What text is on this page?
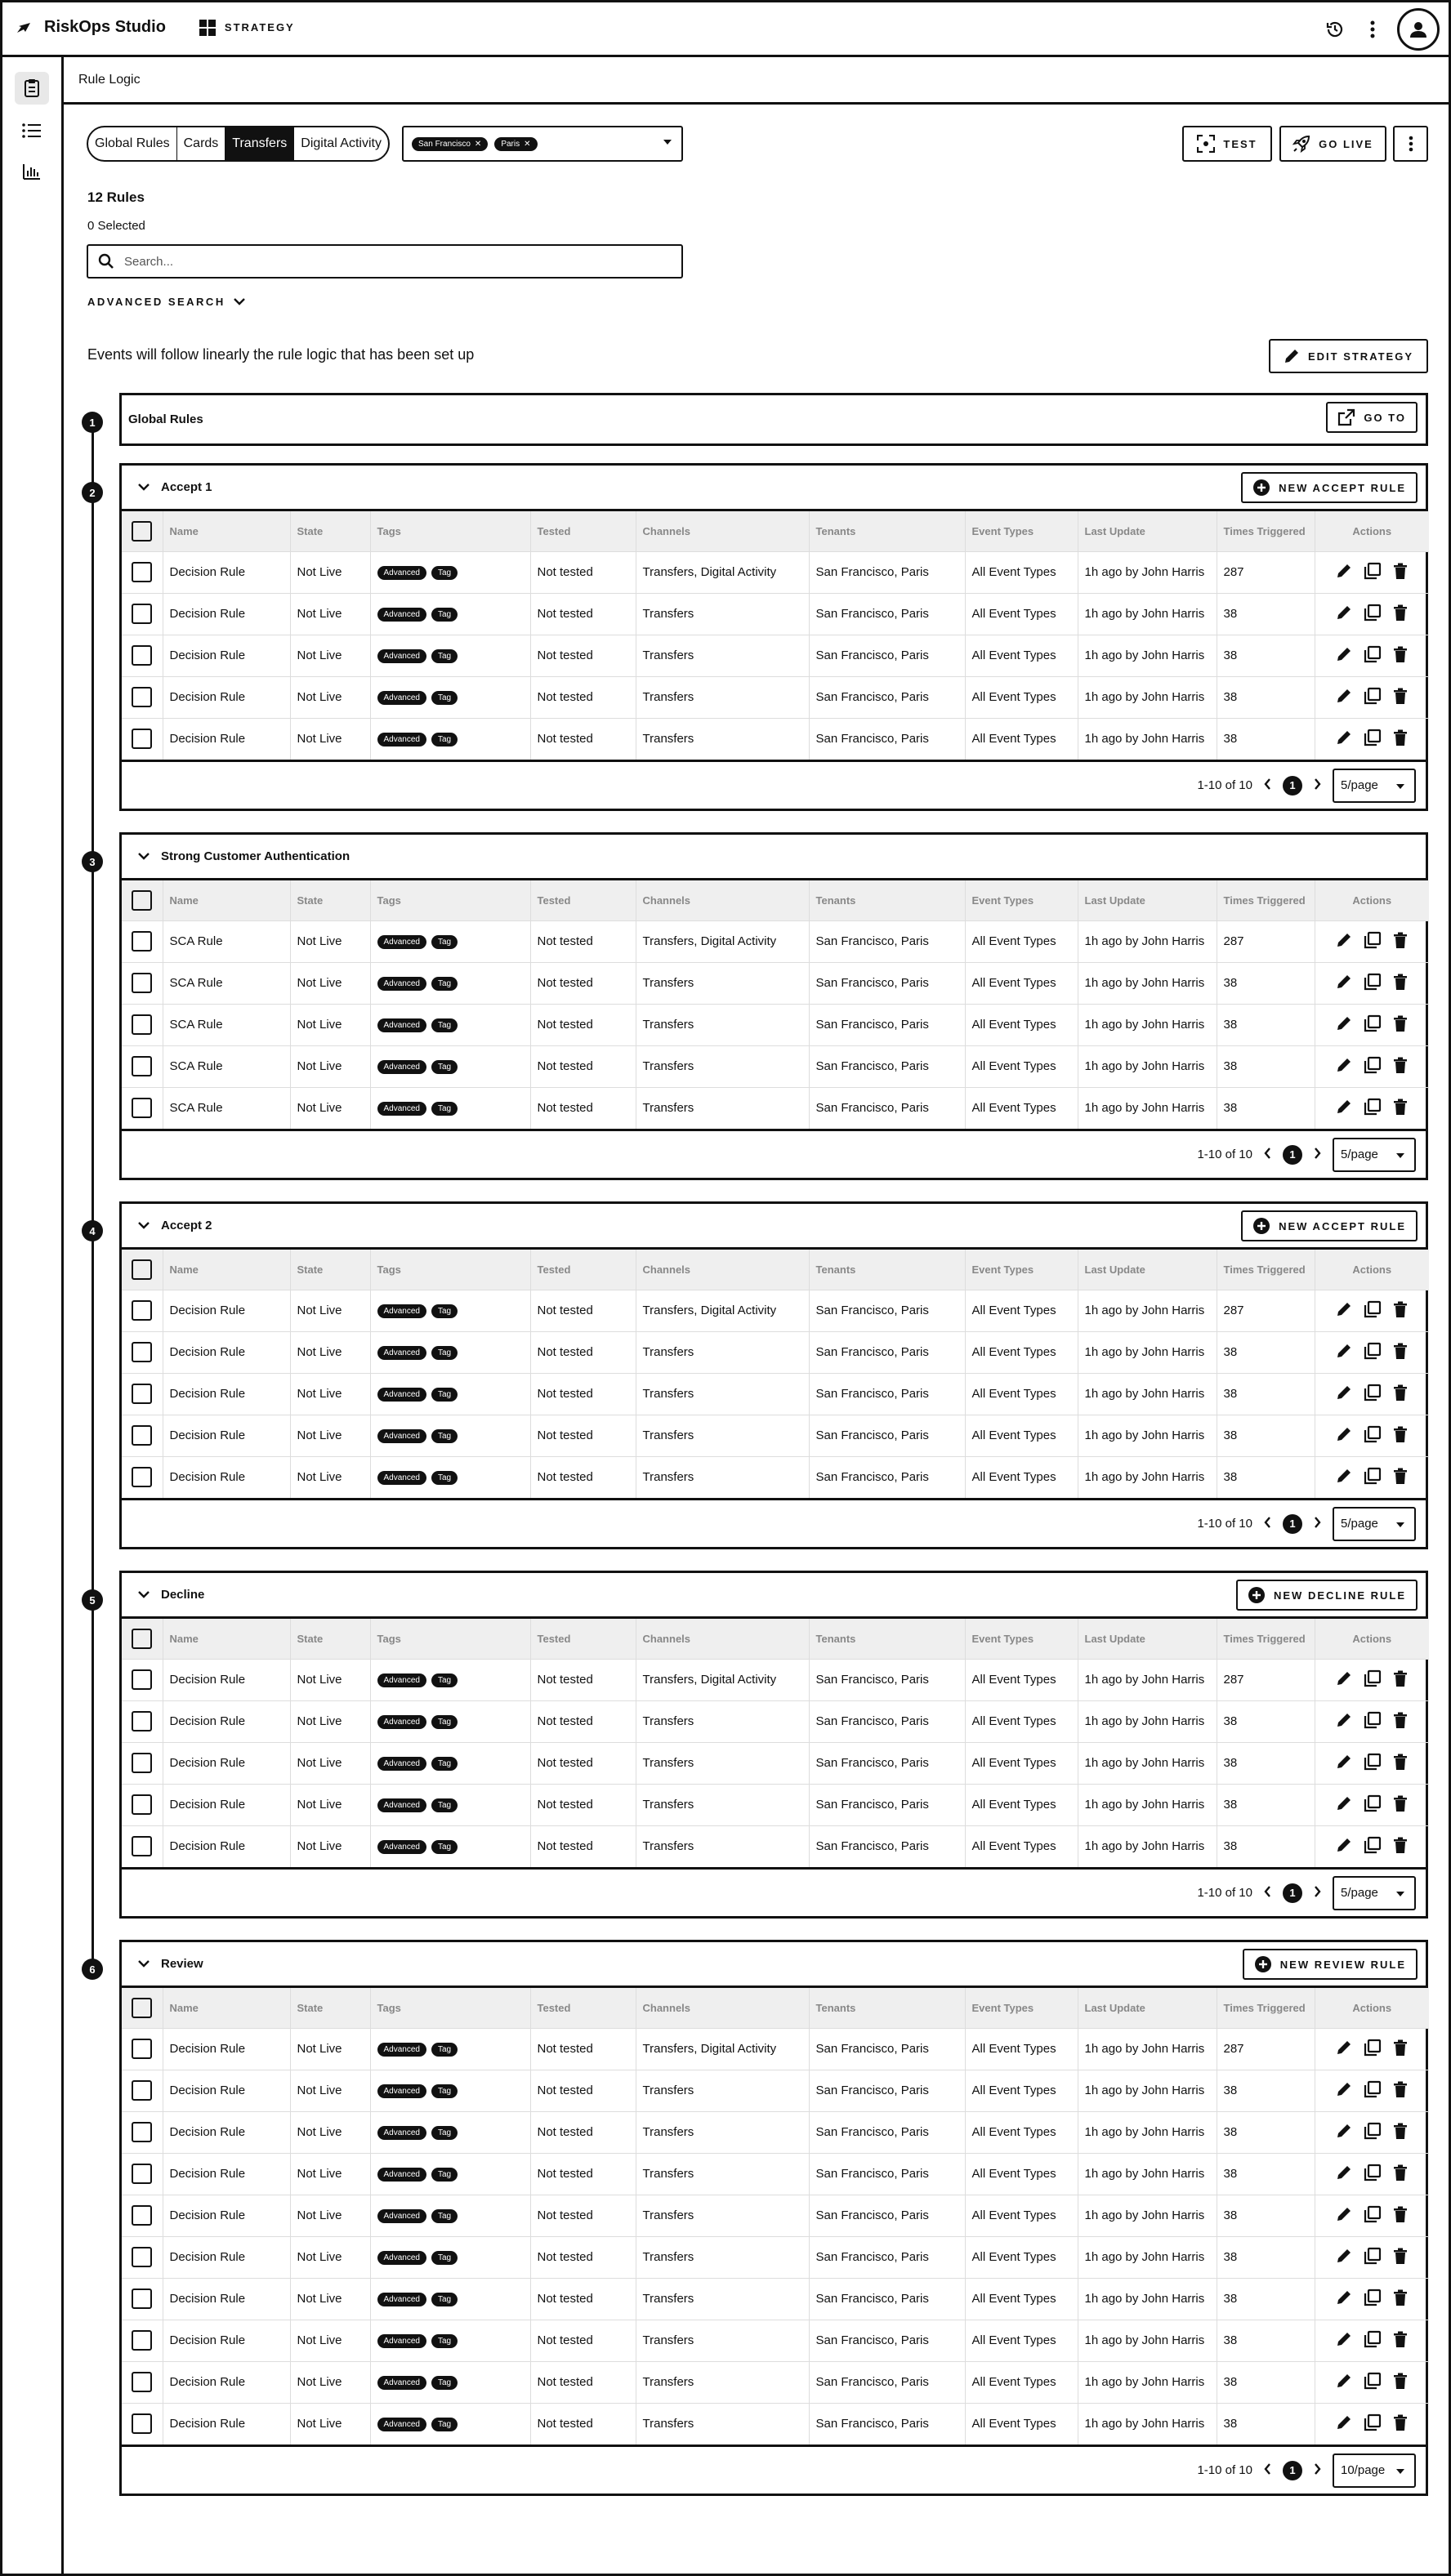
RiskOps Studio	STRATEGY
Rule Logic
Global Rules	Cards	Transfers	Digital Activity	San Francisco ✕ Paris ✕	TEST	GO LIVE
12 Rules
0 Selected
Search...
ADVANCED SEARCH
Events will follow linearly the rule logic that has been set up	EDIT STRATEGY
1	Global Rules	GO TO
2	Accept 1	NEW ACCEPT RULE
	Name	State	Tags	Tested	Channels	Tenants	Event Types	Last Update	Times Triggered	Actions
	Decision Rule	Not Live	Advanced Tag	Not tested	Transfers, Digital Activity	San Francisco, Paris	All Event Types	1h ago by John Harris	287	

	Decision Rule	Not Live	Advanced Tag	Not tested	Transfers	San Francisco, Paris	All Event Types	1h ago by John Harris	38	

	Decision Rule	Not Live	Advanced Tag	Not tested	Transfers	San Francisco, Paris	All Event Types	1h ago by John Harris	38	

	Decision Rule	Not Live	Advanced Tag	Not tested	Transfers	San Francisco, Paris	All Event Types	1h ago by John Harris	38	

	Decision Rule	Not Live	Advanced Tag	Not tested	Transfers	San Francisco, Paris	All Event Types	1h ago by John Harris	38	
1-10 of 10	1	5/page
3	Strong Customer Authentication
	Name	State	Tags	Tested	Channels	Tenants	Event Types	Last Update	Times Triggered	Actions
	SCA Rule	Not Live	Advanced Tag	Not tested	Transfers, Digital Activity	San Francisco, Paris	All Event Types	1h ago by John Harris	287	

	SCA Rule	Not Live	Advanced Tag	Not tested	Transfers	San Francisco, Paris	All Event Types	1h ago by John Harris	38	

	SCA Rule	Not Live	Advanced Tag	Not tested	Transfers	San Francisco, Paris	All Event Types	1h ago by John Harris	38	

	SCA Rule	Not Live	Advanced Tag	Not tested	Transfers	San Francisco, Paris	All Event Types	1h ago by John Harris	38	

	SCA Rule	Not Live	Advanced Tag	Not tested	Transfers	San Francisco, Paris	All Event Types	1h ago by John Harris	38	
1-10 of 10	1	5/page
4	Accept 2	NEW ACCEPT RULE
	Name	State	Tags	Tested	Channels	Tenants	Event Types	Last Update	Times Triggered	Actions
	Decision Rule	Not Live	Advanced Tag	Not tested	Transfers, Digital Activity	San Francisco, Paris	All Event Types	1h ago by John Harris	287	

	Decision Rule	Not Live	Advanced Tag	Not tested	Transfers	San Francisco, Paris	All Event Types	1h ago by John Harris	38	

	Decision Rule	Not Live	Advanced Tag	Not tested	Transfers	San Francisco, Paris	All Event Types	1h ago by John Harris	38	

	Decision Rule	Not Live	Advanced Tag	Not tested	Transfers	San Francisco, Paris	All Event Types	1h ago by John Harris	38	

	Decision Rule	Not Live	Advanced Tag	Not tested	Transfers	San Francisco, Paris	All Event Types	1h ago by John Harris	38	
1-10 of 10	1	5/page
5	Decline	NEW DECLINE RULE
	Name	State	Tags	Tested	Channels	Tenants	Event Types	Last Update	Times Triggered	Actions
	Decision Rule	Not Live	Advanced Tag	Not tested	Transfers, Digital Activity	San Francisco, Paris	All Event Types	1h ago by John Harris	287	

	Decision Rule	Not Live	Advanced Tag	Not tested	Transfers	San Francisco, Paris	All Event Types	1h ago by John Harris	38	

	Decision Rule	Not Live	Advanced Tag	Not tested	Transfers	San Francisco, Paris	All Event Types	1h ago by John Harris	38	

	Decision Rule	Not Live	Advanced Tag	Not tested	Transfers	San Francisco, Paris	All Event Types	1h ago by John Harris	38	

	Decision Rule	Not Live	Advanced Tag	Not tested	Transfers	San Francisco, Paris	All Event Types	1h ago by John Harris	38	
1-10 of 10	1	5/page
6	Review	NEW REVIEW RULE
	Name	State	Tags	Tested	Channels	Tenants	Event Types	Last Update	Times Triggered	Actions
	Decision Rule	Not Live	Advanced Tag	Not tested	Transfers, Digital Activity	San Francisco, Paris	All Event Types	1h ago by John Harris	287	

	Decision Rule	Not Live	Advanced Tag	Not tested	Transfers	San Francisco, Paris	All Event Types	1h ago by John Harris	38	

	Decision Rule	Not Live	Advanced Tag	Not tested	Transfers	San Francisco, Paris	All Event Types	1h ago by John Harris	38	

	Decision Rule	Not Live	Advanced Tag	Not tested	Transfers	San Francisco, Paris	All Event Types	1h ago by John Harris	38	

	Decision Rule	Not Live	Advanced Tag	Not tested	Transfers	San Francisco, Paris	All Event Types	1h ago by John Harris	38	

	Decision Rule	Not Live	Advanced Tag	Not tested	Transfers	San Francisco, Paris	All Event Types	1h ago by John Harris	38	

	Decision Rule	Not Live	Advanced Tag	Not tested	Transfers	San Francisco, Paris	All Event Types	1h ago by John Harris	38	

	Decision Rule	Not Live	Advanced Tag	Not tested	Transfers	San Francisco, Paris	All Event Types	1h ago by John Harris	38	

	Decision Rule	Not Live	Advanced Tag	Not tested	Transfers	San Francisco, Paris	All Event Types	1h ago by John Harris	38	

	Decision Rule	Not Live	Advanced Tag	Not tested	Transfers	San Francisco, Paris	All Event Types	1h ago by John Harris	38	
1-10 of 10	1	10/page
